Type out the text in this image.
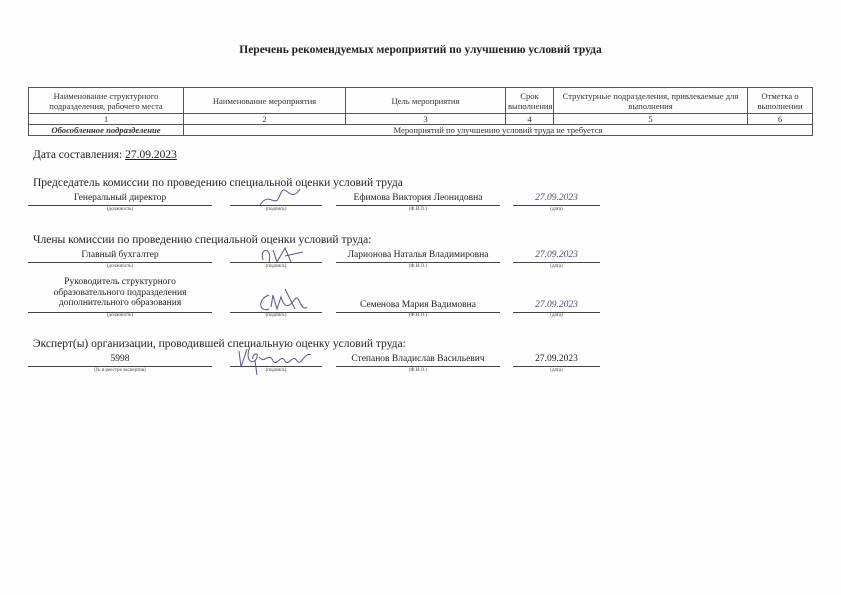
Перечень рекомендуемых мероприятий по улучшению условий труда
Наименование структурного подразделения, рабочего места	Наименование мероприятия	Цель мероприятия	Срок выполнения	Структурные подразделения, привлекаемые для выполнения	Отметка о выполнении
1	2	3	4	5	6
Обособленное подразделение	Мероприятий по улучшению условий труда не требуется				
Дата составления: 27.09.2023
Председатель комиссии по проведению специальной оценки условий труда
Генеральный директор	Ефимова Виктория Леонидовна	27.09.2023
(должность)	(подпись)	(Ф.И.О.)	(дата)
Члены комиссии по проведению специальной оценки условий труда:
Главный бухгалтер	Ларионова Наталья Владимировна	27.09.2023
(должность)	(подпись)	(Ф.И.О.)	(дата)
Руководитель структурного образовательного подразделения дополнительного образования	Семенова Мария Вадимовна	27.09.2023
(должность)	(подпись)	(Ф.И.О.)	(дата)
Эксперт(ы) организации, проводившей специальную оценку условий труда:
5998	Степанов Владислав Васильевич	27.09.2023
(№ в реестре экспертов)	(подпись)	(Ф.И.О.)	(дата)
